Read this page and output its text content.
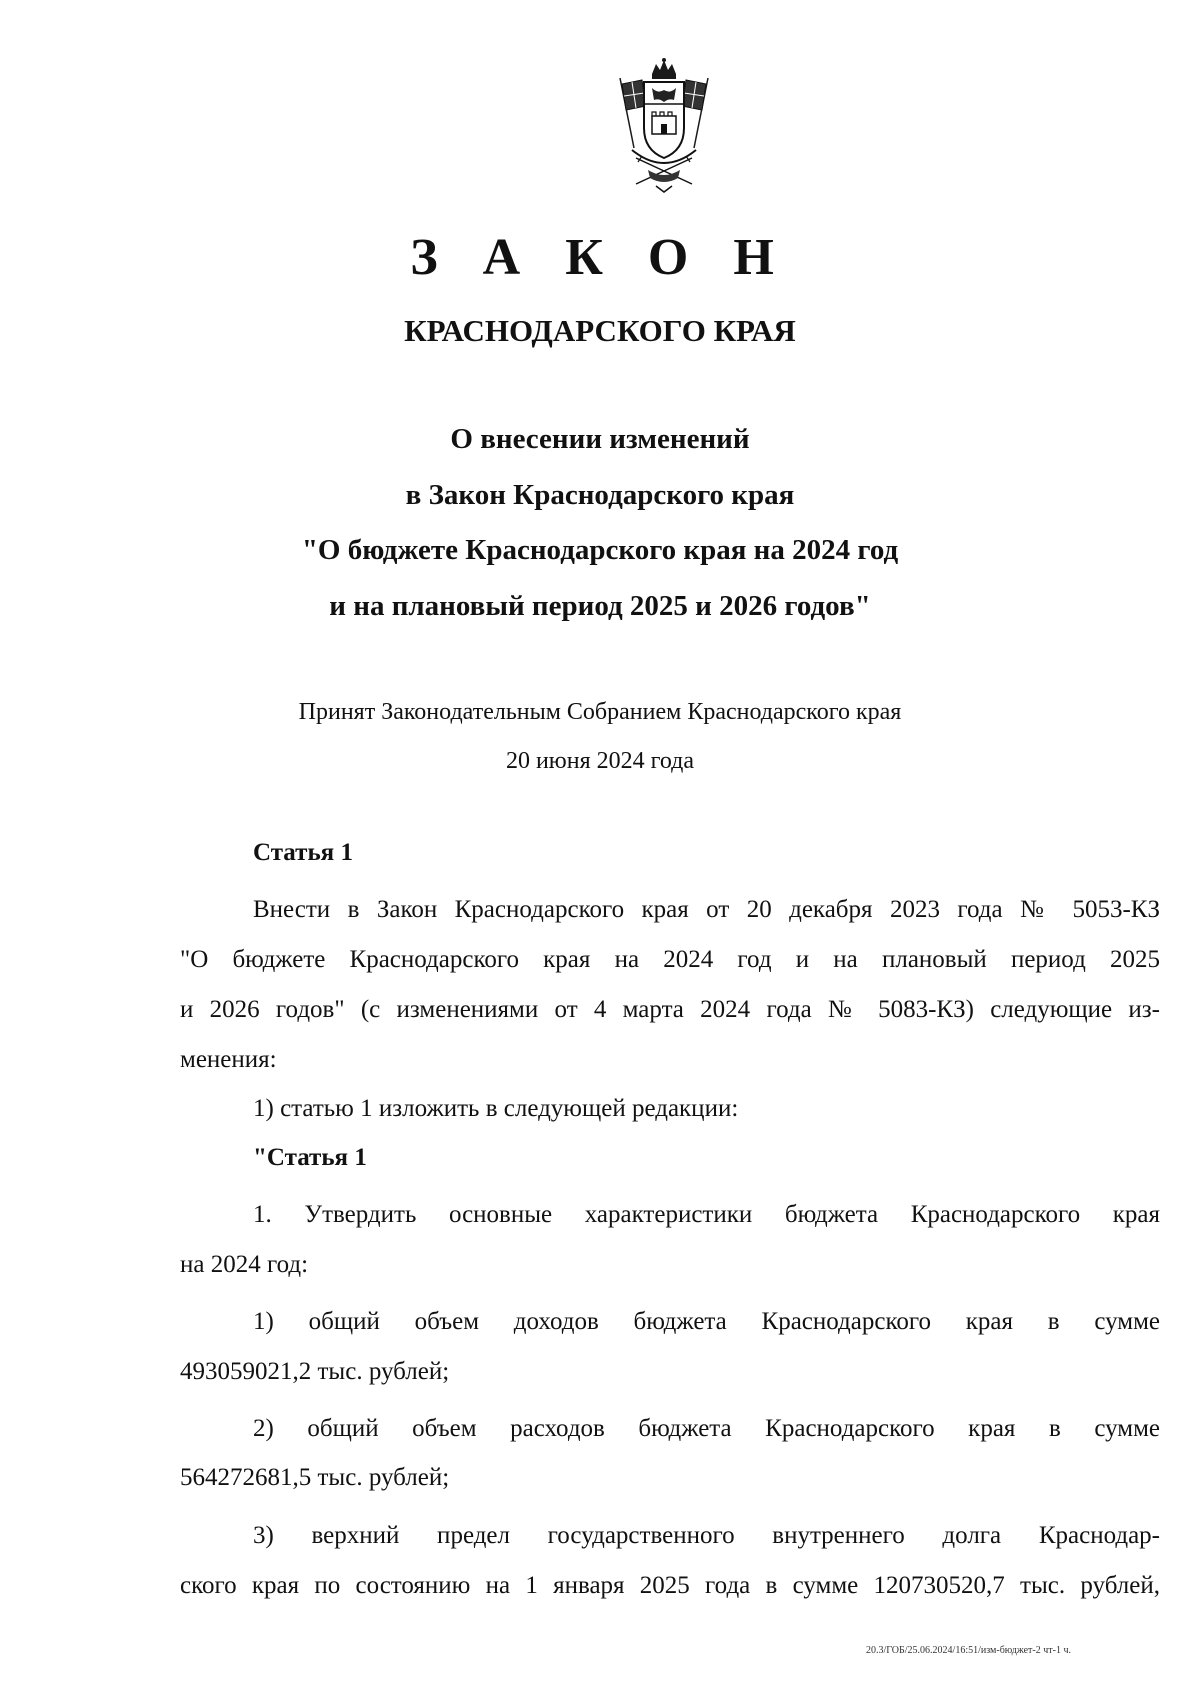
З А К О Н
КРАСНОДАРСКОГО КРАЯ
О внесении изменений
в Закон Краснодарского края
"О бюджете Краснодарского края на 2024 год
и на плановый период 2025 и 2026 годов"
Принят Законодательным Собранием Краснодарского края
20 июня 2024 года
Статья 1
Внести в Закон Краснодарского края от 20 декабря 2023 года № 5053-КЗ
"О бюджете Краснодарского края на 2024 год и на плановый период 2025
и 2026 годов" (с изменениями от 4 марта 2024 года № 5083-КЗ) следующие из-
менения:
1) статью 1 изложить в следующей редакции:
"Статья 1
1. Утвердить основные характеристики бюджета Краснодарского края
на 2024 год:
1) общий объем доходов бюджета Краснодарского края в сумме
493059021,2 тыс. рублей;
2) общий объем расходов бюджета Краснодарского края в сумме
564272681,5 тыс. рублей;
3) верхний предел государственного внутреннего долга Краснодар-
ского края по состоянию на 1 января 2025 года в сумме 120730520,7 тыс. рублей,
20.3/ГОБ/25.06.2024/16:51/изм-бюджет-2 чт-1 ч.
